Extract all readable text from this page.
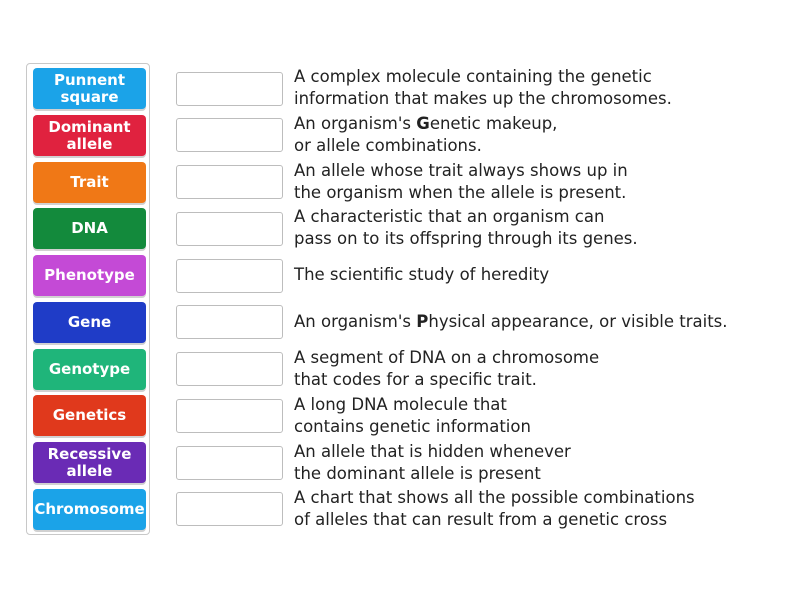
Punnent
square
Dominant
allele
Trait
DNA
Phenotype
Gene
Genotype
Genetics
Recessive
allele
Chromosome

A complex molecule containing the genetic
information that makes up the chromosomes.

An organism's Genetic makeup,
or allele combinations.

An allele whose trait always shows up in
the organism when the allele is present.

A characteristic that an organism can
pass on to its offspring through its genes.

The scientific study of heredity

An organism's Physical appearance, or visible traits.

A segment of DNA on a chromosome
that codes for a specific trait.

A long DNA molecule that
contains genetic information

An allele that is hidden whenever
the dominant allele is present

A chart that shows all the possible combinations
of alleles that can result from a genetic cross
